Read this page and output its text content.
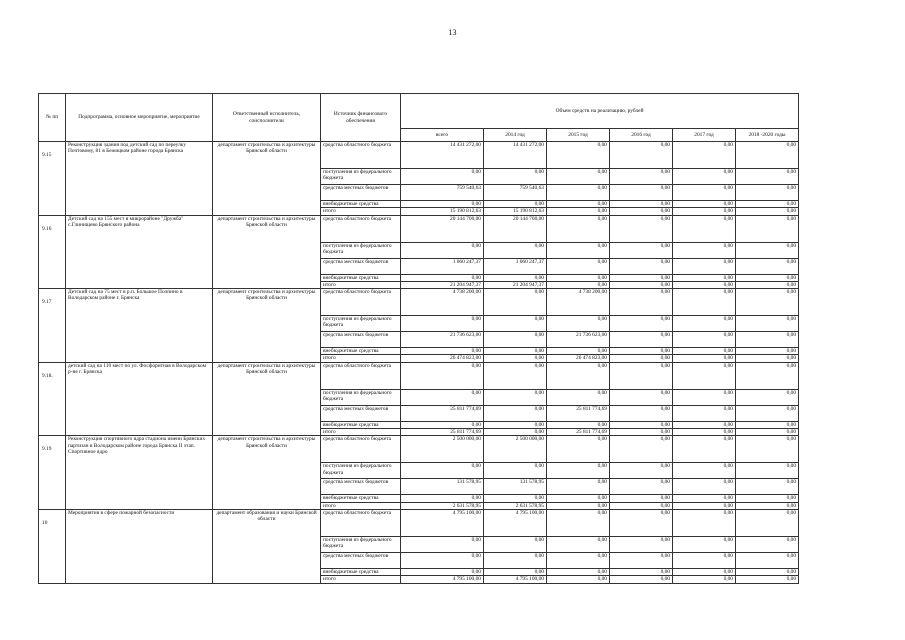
13
№ пп	Подпрограмма, основное мероприятие, мероприятие	Ответственный исполнитель, соисполнители	Источник финансового обеспечения	Объем средств на реализацию, рублей					
				всего	2014 год	2015 год	2016 год	2017 год	2018 -2020 годы
9.15	Реконструкция здания под детский сад по переулку Почтовому, 81 в Бежицком районе города Брянска	департамент строительства и архитектуры Брянской области	средства областного бюджета	14 431 272,00	14 431 272,00	0,00	0,00	0,00	0,00
			поступления из федерального бюджета	0,00	0,00	0,00	0,00	0,00	0,00
			средства местных бюджетов	759 540,63	759 540,63	0,00	0,00	0,00	0,00
			внебюджетные средства	0,00	0,00	0,00	0,00	0,00	0,00
			итого	15 190 812,63	15 190 812,63	0,00	0,00	0,00	0,00
9.16	Детский сад на 155 мест в микрорайоне "Дружба" с.Глинищево Брянского района	департамент строительства и архитектуры Брянской области	средства областного бюджета	20 144 700,00	20 144 700,00	0,00	0,00	0,00	0,00
			поступления из федерального бюджета	0,00	0,00	0,00	0,00	0,00	0,00
			средства местных бюджетов	1 060 247,37	1 060 247,37	0,00	0,00	0,00	0,00
			внебюджетные средства	0,00	0,00	0,00	0,00	0,00	0,00
			итого	21 204 947,37	21 204 947,37	0,00	0,00	0,00	0,00
9.17	Детский сад на 75 мест в р.п. Большое Полпино в Володарском районе г. Брянска	департамент строительства и архитектуры Брянской области	средства областного бюджета	4 738 200,00	0,00	4 738 200,00	0,00	0,00	0,00
			поступления из федерального бюджета	0,00	0,00	0,00	0,00	0,00	0,00
			средства местных бюджетов	21 736 623,00	0,00	21 736 623,00	0,00	0,00	0,00
			внебюджетные средства	0,00	0,00	0,00	0,00	0,00	0,00
			итого	26 474 823,00	0,00	26 474 823,00	0,00	0,00	0,00
9.18.	детский сад на 110 мест по ул. Фосфоритная в Володарском р-не г. Брянска	департамент строительства и архитектуры Брянской области	средства областного бюджета	0,00	0,00	0,00	0,00	0,00	0,00
			поступления из федерального бюджета	0,00	0,00	0,00	0,00	0,00	0,00
			средства местных бюджетов	25 811 774,69	0,00	25 811 774,69	0,00	0,00	0,00
			внебюджетные средства	0,00	0,00	0,00	0,00	0,00	0,00
			итого	25 811 774,69	0,00	25 811 774,69	0,00	0,00	0,00
9.19	Реконструкция спортивного ядра стадиона имени Брянских партизан в Володарском районе города Брянска II этап. Спортивное ядро	департамент строительства и архитектуры Брянской области	средства областного бюджета	2 500 000,00	2 500 000,00	0,00	0,00	0,00	0,00
			поступления из федерального бюджета	0,00	0,00	0,00	0,00	0,00	0,00
			средства местных бюджетов	131 578,95	131 578,95	0,00	0,00	0,00	0,00
			внебюджетные средства	0,00	0,00	0,00	0,00	0,00	0,00
			итого	2 631 578,95	2 631 578,95	0,00	0,00	0,00	0,00
10	Мероприятия в сфере пожарной безопасности	департамент образования и науки Брянской области	средства областного бюджета	4 795 100,00	4 795 100,00	0,00	0,00	0,00	0,00
			поступления из федерального бюджета	0,00	0,00	0,00	0,00	0,00	0,00
			средства местных бюджетов	0,00	0,00	0,00	0,00	0,00	0,00
			внебюджетные средства	0,00	0,00	0,00	0,00	0,00	0,00
			итого	4 795 100,00	4 795 100,00	0,00	0,00	0,00	0,00
